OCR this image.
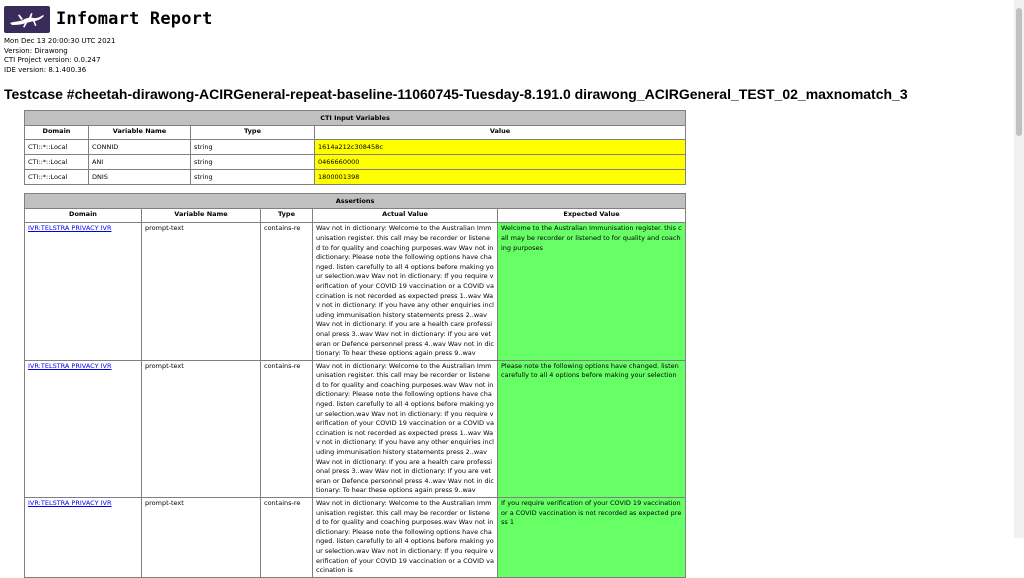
Infomart Report
Mon Dec 13 20:00:30 UTC 2021
Version: Dirawong
CTI Project version: 0.0.247
IDE version: 8.1.400.36
Testcase #cheetah-dirawong-ACIRGeneral-repeat-baseline-11060745-Tuesday-8.191.0 dirawong_ACIRGeneral_TEST_02_maxnomatch_3
CTI Input Variables			
Domain	Variable Name	Type	Value
CTI::*::Local	CONNID	string	1614a212c308458c
CTI::*::Local	ANI	string	0466660000
CTI::*::Local	DNIS	string	1800001398
Assertions				
Domain	Variable Name	Type	Actual Value	Expected Value
IVR:TELSTRA PRIVACY IVR	prompt-text	contains-re	Wav not in dictionary: Welcome to the Australian Immunisation register. this call may be recorder or listened to for quality and coaching purposes.wav Wav not in dictionary: Please note the following options have changed. listen carefully to all 4 options before making your selection.wav Wav not in dictionary: If you require verification of your COVID 19 vaccination or a COVID vaccination is not recorded as expected press 1..wav Wav not in dictionary: If you have any other enquiries including immunisation history statements press 2..wav Wav not in dictionary: If you are a health care professional press 3..wav Wav not in dictionary: If you are veteran or Defence personnel press 4..wav Wav not in dictionary: To hear these options again press 9..wav	Welcome to the Australian Immunisation register. this call may be recorder or listened to for quality and coaching purposes
IVR:TELSTRA PRIVACY IVR	prompt-text	contains-re	Wav not in dictionary: Welcome to the Australian Immunisation register. this call may be recorder or listened to for quality and coaching purposes.wav Wav not in dictionary: Please note the following options have changed. listen carefully to all 4 options before making your selection.wav Wav not in dictionary: If you require verification of your COVID 19 vaccination or a COVID vaccination is not recorded as expected press 1..wav Wav not in dictionary: If you have any other enquiries including immunisation history statements press 2..wav Wav not in dictionary: If you are a health care professional press 3..wav Wav not in dictionary: If you are veteran or Defence personnel press 4..wav Wav not in dictionary: To hear these options again press 9..wav	Please note the following options have changed. listen carefully to all 4 options before making your selection
IVR:TELSTRA PRIVACY IVR	prompt-text	contains-re	Wav not in dictionary: Welcome to the Australian Immunisation register. this call may be recorder or listened to for quality and coaching purposes.wav Wav not in dictionary: Please note the following options have changed. listen carefully to all 4 options before making your selection.wav Wav not in dictionary: If you require verification of your COVID 19 vaccination or a COVID vaccination is	If you require verification of your COVID 19 vaccination or a COVID vaccination is not recorded as expected press 1
